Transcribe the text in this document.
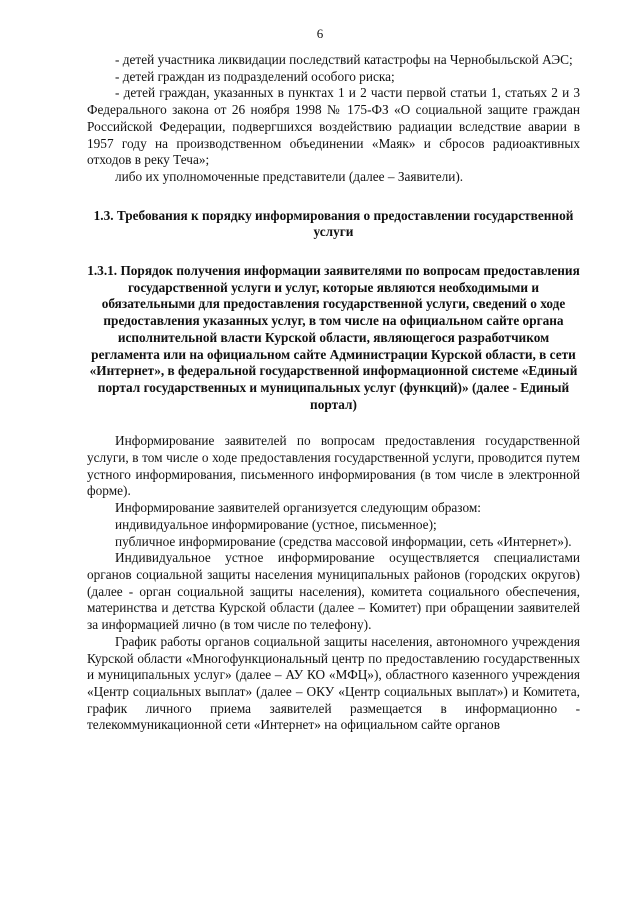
6

- детей участника ликвидации последствий катастрофы на Чернобыльской АЭС;

- детей граждан из подразделений особого риска;

- детей граждан, указанных в пунктах 1 и 2 части первой статьи 1, статьях 2 и 3 Федерального закона от 26 ноября 1998 № 175-ФЗ «О социальной защите граждан Российской Федерации, подвергшихся воздействию радиации вследствие аварии в 1957 году на производственном объединении «Маяк» и сбросов радиоактивных отходов в реку Теча»;

либо их уполномоченные представители (далее – Заявители).

1.3. Требования к порядку информирования о предоставлении государственной услуги

1.3.1. Порядок получения информации заявителями по вопросам предоставления государственной услуги и услуг, которые являются необходимыми и обязательными для предоставления государственной услуги, сведений о ходе предоставления указанных услуг, в том числе на официальном сайте органа исполнительной власти Курской области, являющегося разработчиком регламента или на официальном сайте Администрации Курской области, в сети «Интернет», в федеральной государственной информационной системе «Единый портал государственных и муниципальных услуг (функций)» (далее - Единый портал)

Информирование заявителей по вопросам предоставления государственной услуги, в том числе о ходе предоставления государственной услуги, проводится путем устного информирования, письменного информирования (в том числе в электронной форме).

Информирование заявителей организуется следующим образом:

индивидуальное информирование (устное, письменное);

публичное информирование (средства массовой информации, сеть «Интернет»).

Индивидуальное устное информирование осуществляется специалистами органов социальной защиты населения муниципальных районов (городских округов) (далее - орган социальной защиты населения), комитета социального обеспечения, материнства и детства Курской области (далее – Комитет) при обращении заявителей за информацией лично (в том числе по телефону).

График работы органов социальной защиты населения, автономного учреждения Курской области «Многофункциональный центр по предоставлению государственных и муниципальных услуг» (далее – АУ КО «МФЦ»), областного казенного учреждения «Центр социальных выплат» (далее – ОКУ «Центр социальных выплат») и Комитета, график личного приема заявителей размещается в информационно - телекоммуникационной сети «Интернет» на официальном сайте органов
